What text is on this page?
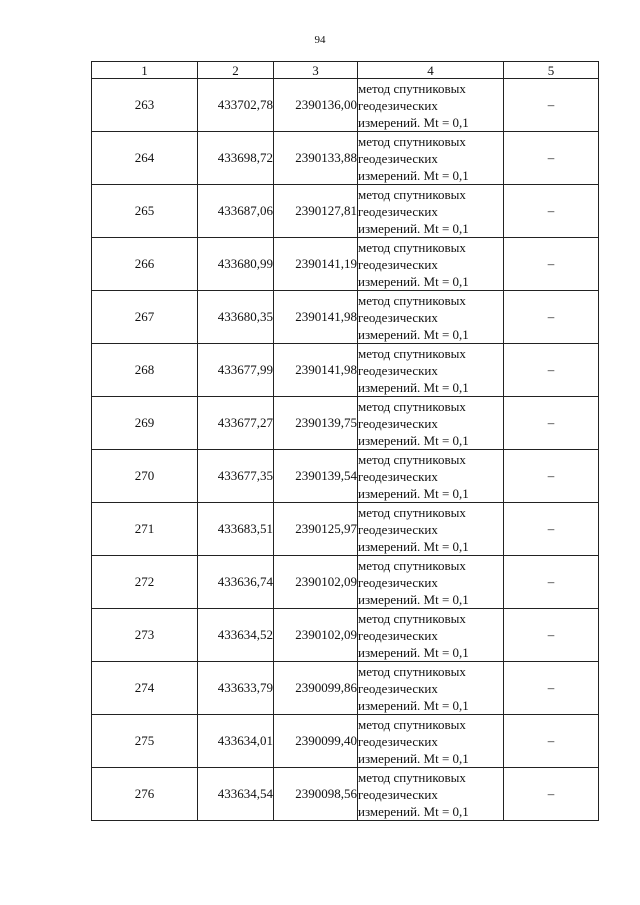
94
1	2	3	4	5
263	433702,78	2390136,00	метод спутниковых
геодезических
измерений. Mt = 0,1	–
264	433698,72	2390133,88	метод спутниковых
геодезических
измерений. Mt = 0,1	–
265	433687,06	2390127,81	метод спутниковых
геодезических
измерений. Mt = 0,1	–
266	433680,99	2390141,19	метод спутниковых
геодезических
измерений. Mt = 0,1	–
267	433680,35	2390141,98	метод спутниковых
геодезических
измерений. Mt = 0,1	–
268	433677,99	2390141,98	метод спутниковых
геодезических
измерений. Mt = 0,1	–
269	433677,27	2390139,75	метод спутниковых
геодезических
измерений. Mt = 0,1	–
270	433677,35	2390139,54	метод спутниковых
геодезических
измерений. Mt = 0,1	–
271	433683,51	2390125,97	метод спутниковых
геодезических
измерений. Mt = 0,1	–
272	433636,74	2390102,09	метод спутниковых
геодезических
измерений. Mt = 0,1	–
273	433634,52	2390102,09	метод спутниковых
геодезических
измерений. Mt = 0,1	–
274	433633,79	2390099,86	метод спутниковых
геодезических
измерений. Mt = 0,1	–
275	433634,01	2390099,40	метод спутниковых
геодезических
измерений. Mt = 0,1	–
276	433634,54	2390098,56	метод спутниковых
геодезических
измерений. Mt = 0,1	–
